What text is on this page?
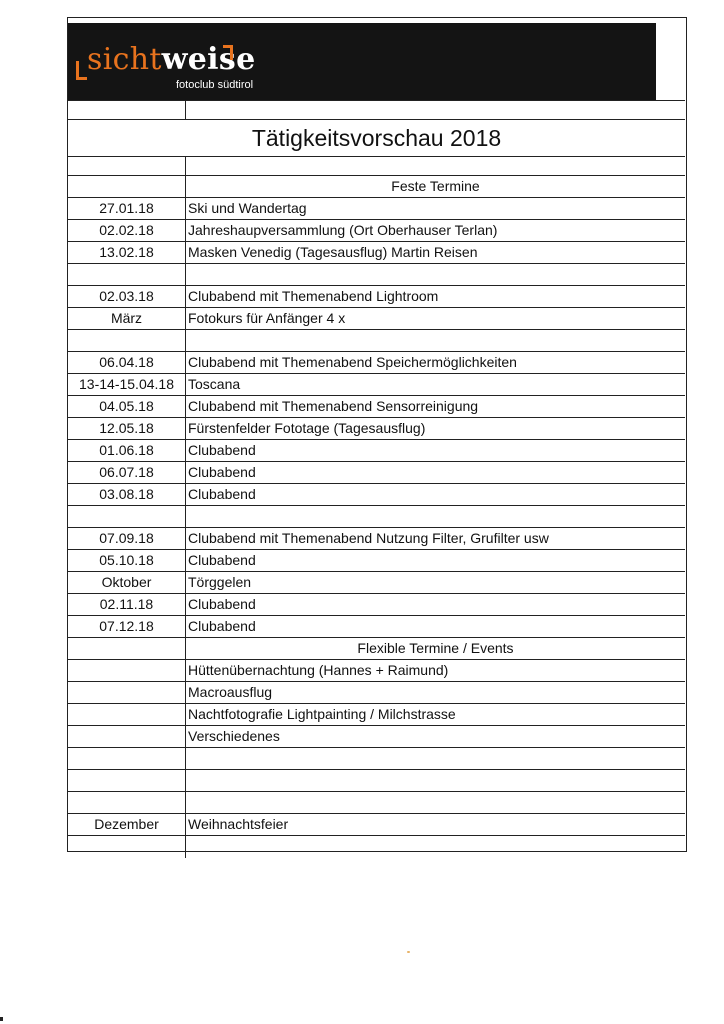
sichtweise
fotoclub südtirol
Tätigkeitsvorschau 2018
Feste Termine
27.01.18	Ski und Wandertag
02.02.18	Jahreshaupversammlung (Ort Oberhauser Terlan)
13.02.18	Masken Venedig (Tagesausflug) Martin Reisen
02.03.18	Clubabend mit Themenabend Lightroom
März	Fotokurs für Anfänger 4 x
06.04.18	Clubabend mit Themenabend Speichermöglichkeiten
13-14-15.04.18	Toscana
04.05.18	Clubabend mit Themenabend Sensorreinigung
12.05.18	Fürstenfelder Fototage (Tagesausflug)
01.06.18	Clubabend
06.07.18	Clubabend
03.08.18	Clubabend
07.09.18	Clubabend mit Themenabend Nutzung Filter, Grufilter usw
05.10.18	Clubabend
Oktober	Törggelen
02.11.18	Clubabend
07.12.18	Clubabend
Flexible Termine / Events
Hüttenübernachtung (Hannes + Raimund)
Macroausflug
Nachtfotografie Lightpainting / Milchstrasse
Verschiedenes
Dezember	Weihnachtsfeier
